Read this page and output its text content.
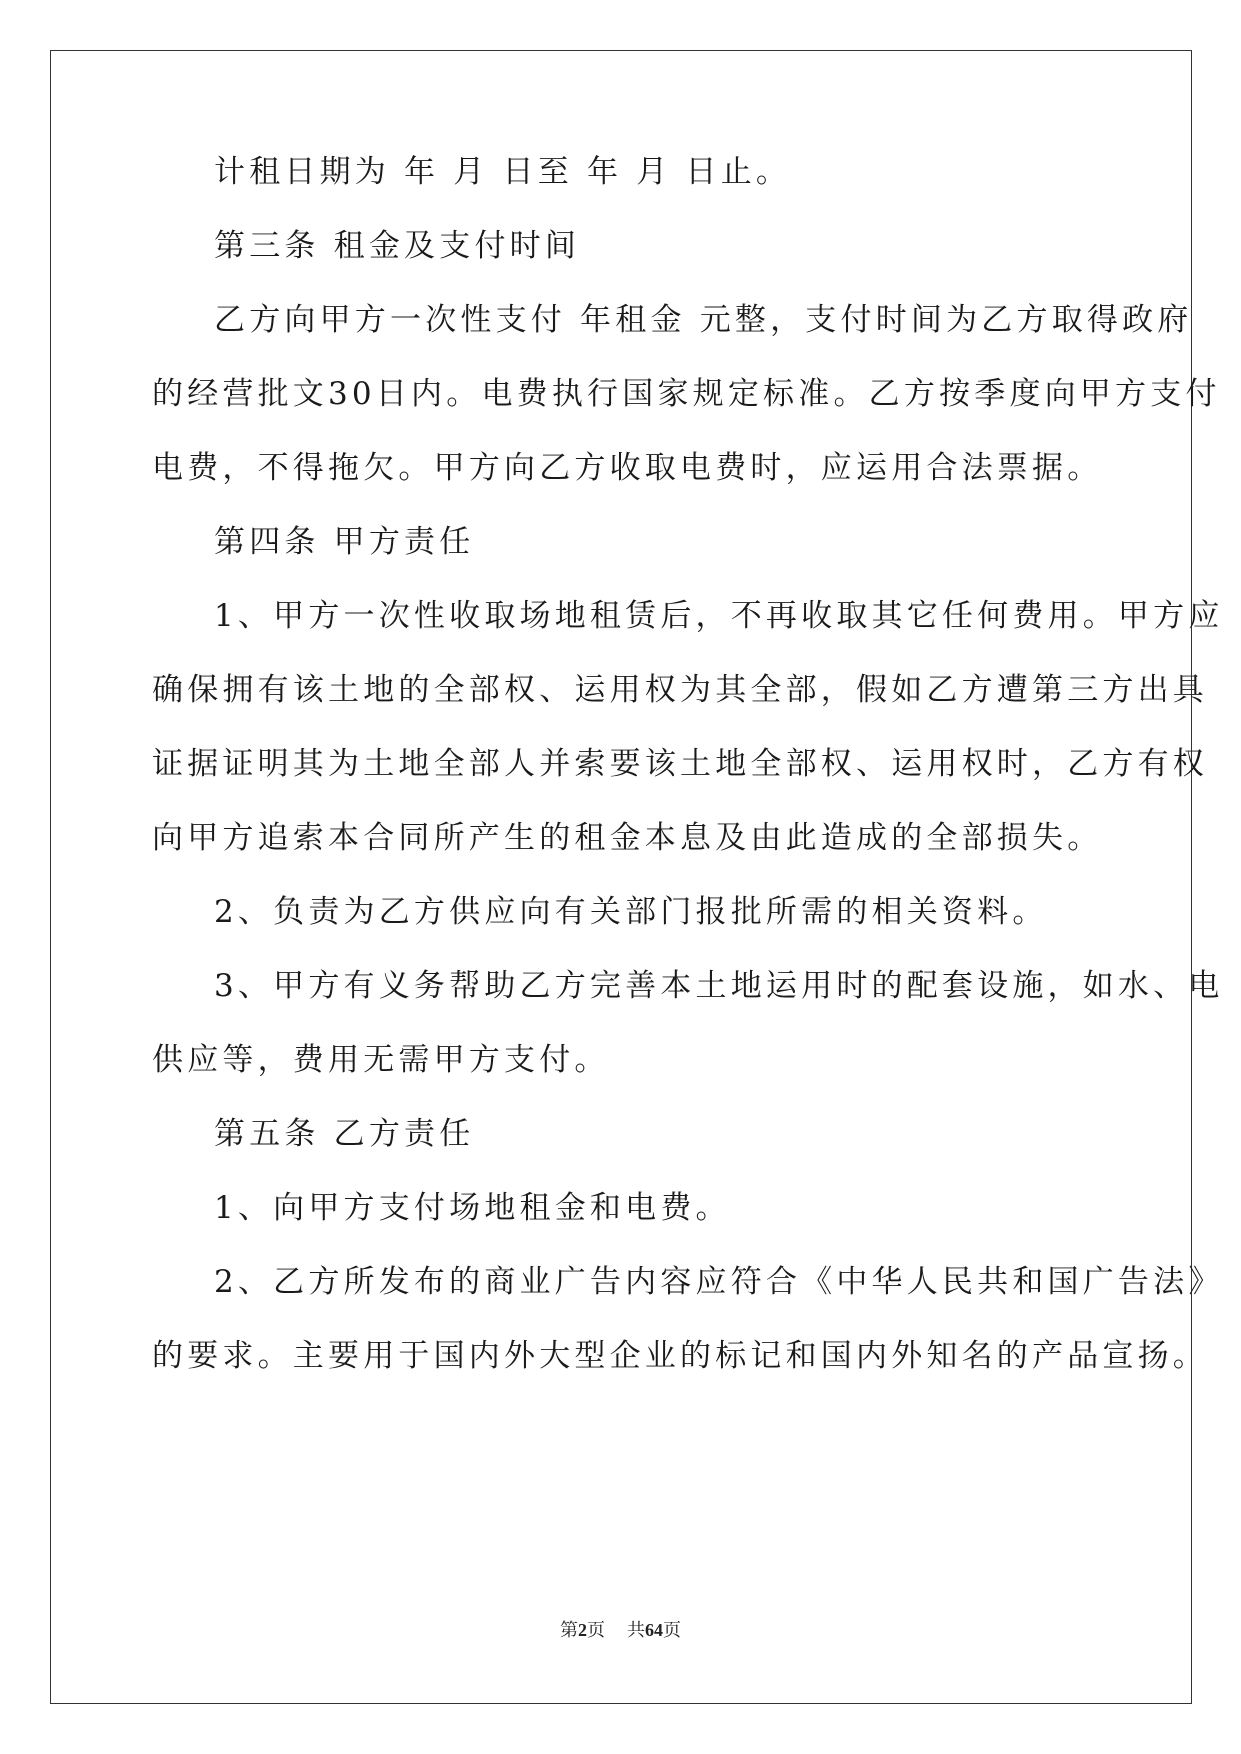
计租日期为 年 月 日至 年 月 日止。
第三条 租金及支付时间
乙方向甲方一次性支付 年租金 元整，支付时间为乙方取得政府
的经营批文30日内。电费执行国家规定标准。乙方按季度向甲方支付
电费，不得拖欠。甲方向乙方收取电费时，应运用合法票据。
第四条 甲方责任
1、甲方一次性收取场地租赁后，不再收取其它任何费用。甲方应
确保拥有该土地的全部权、运用权为其全部，假如乙方遭第三方出具
证据证明其为土地全部人并索要该土地全部权、运用权时，乙方有权
向甲方追索本合同所产生的租金本息及由此造成的全部损失。
2、负责为乙方供应向有关部门报批所需的相关资料。
3、甲方有义务帮助乙方完善本土地运用时的配套设施，如水、电
供应等，费用无需甲方支付。
第五条 乙方责任
1、向甲方支付场地租金和电费。
2、乙方所发布的商业广告内容应符合《中华人民共和国广告法》
的要求。主要用于国内外大型企业的标记和国内外知名的产品宣扬。
第2页 共64页
